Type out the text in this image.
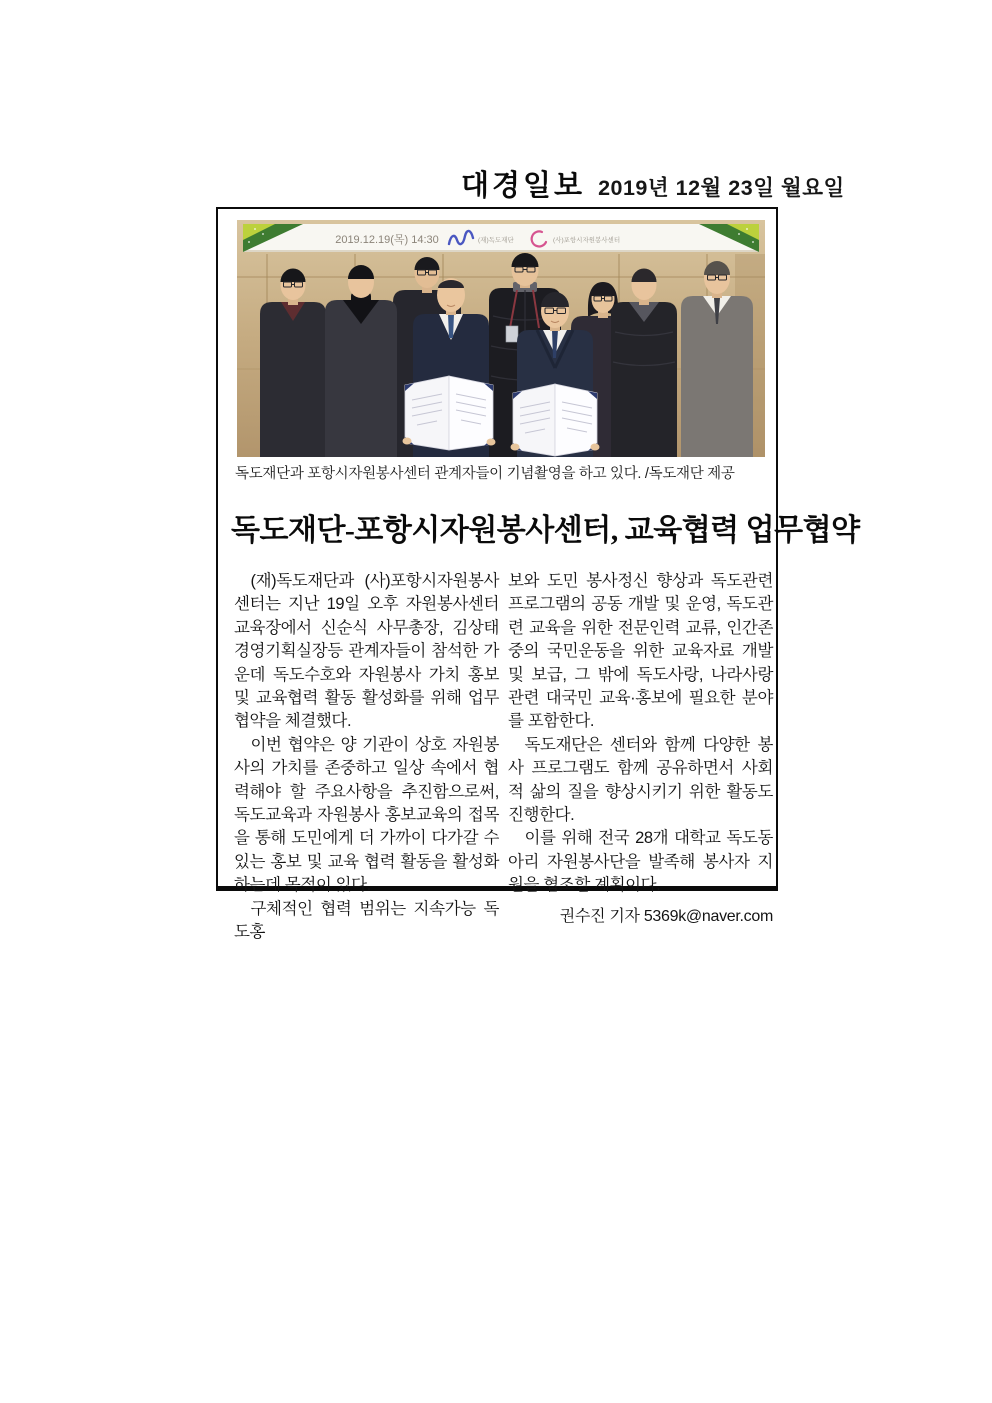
대경일보 2019년 12월 23일 월요일
2019.12.19(목) 14:30	(재)독도재단	(사)포항시자원봉사센터
독도재단과 포항시자원봉사센터 관계자들이 기념촬영을 하고 있다. /독도재단 제공
독도재단-포항시자원봉사센터, 교육협력 업무협약

(재)독도재단과 (사)포항시자원봉사센터는 지난 19일 오후 자원봉사센터 교육장에서 신순식 사무총장, 김상태 경영기획실장등 관계자들이 참석한 가운데 독도수호와 자원봉사 가치 홍보 및 교육협력 활동 활성화를 위해 업무협약을 체결했다.

이번 협약은 양 기관이 상호 자원봉사의 가치를 존중하고 일상 속에서 협력해야 할 주요사항을 추진함으로써, 독도교육과 자원봉사 홍보교육의 접목을 통해 도민에게 더 가까이 다가갈 수 있는 홍보 및 교육 협력 활동을 활성화하는데 목적이 있다.

구체적인 협력 범위는 지속가능 독도홍

보와 도민 봉사정신 향상과 독도관련 프로그램의 공동 개발 및 운영, 독도관련 교육을 위한 전문인력 교류, 인간존중의 국민운동을 위한 교육자료 개발 및 보급, 그 밖에 독도사랑, 나라사랑 관련 대국민 교육·홍보에 필요한 분야를 포함한다.

독도재단은 센터와 함께 다양한 봉사 프로그램도 함께 공유하면서 사회적 삶의 질을 향상시키기 위한 활동도 진행한다.

이를 위해 전국 28개 대학교 독도동아리 자원봉사단을 발족해 봉사자 지원을 협조할 계획이다.

권수진 기자 5369k@naver.com
